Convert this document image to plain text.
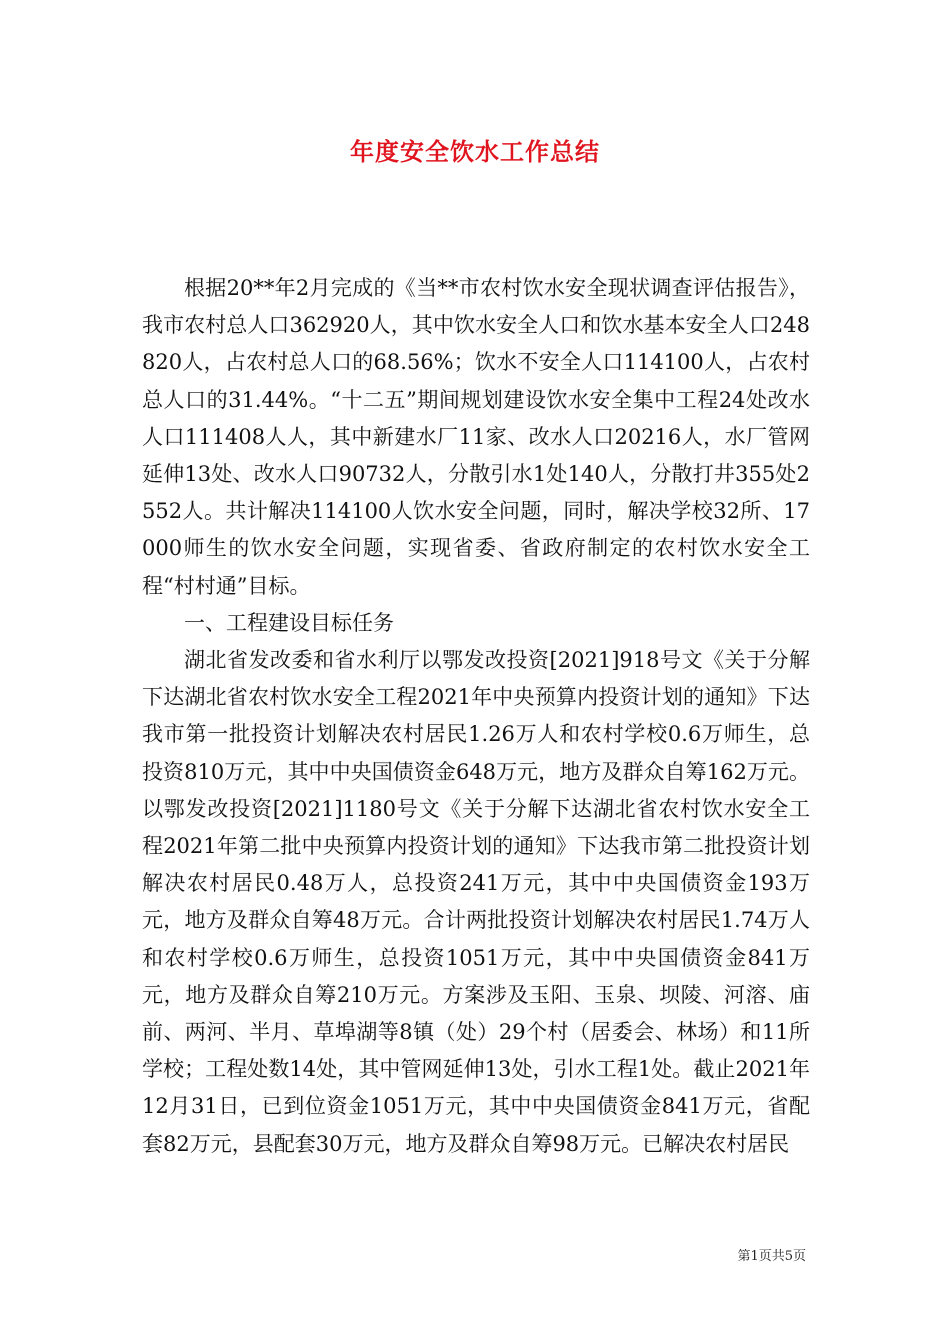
年度安全饮水工作总结

根据20**年2月完成的《当**市农村饮水安全现状调查评估报告》，我市农村总人口362920人，其中饮水安全人口和饮水基本安全人口248820人，占农村总人口的68.56%；饮水不安全人口114100人，占农村总人口的31.44%。“十二五”期间规划建设饮水安全集中工程24处改水人口111408人人，其中新建水厂11家、改水人口20216人，水厂管网延伸13处、改水人口90732人，分散引水1处140人，分散打井355处2552人。共计解决114100人饮水安全问题，同时，解决学校32所、17000师生的饮水安全问题，实现省委、省政府制定的农村饮水安全工程“村村通”目标。

一、工程建设目标任务

湖北省发改委和省水利厅以鄂发改投资[2021]918号文《关于分解下达湖北省农村饮水安全工程2021年中央预算内投资计划的通知》下达我市第一批投资计划解决农村居民1.26万人和农村学校0.6万师生，总投资810万元，其中中央国债资金648万元，地方及群众自筹162万元。以鄂发改投资[2021]1180号文《关于分解下达湖北省农村饮水安全工程2021年第二批中央预算内投资计划的通知》下达我市第二批投资计划解决农村居民0.48万人，总投资241万元，其中中央国债资金193万元，地方及群众自筹48万元。合计两批投资计划解决农村居民1.74万人和农村学校0.6万师生，总投资1051万元，其中中央国债资金841万元，地方及群众自筹210万元。方案涉及玉阳、玉泉、坝陵、河溶、庙前、两河、半月、草埠湖等8镇（处）29个村（居委会、林场）和11所学校；工程处数14处，其中管网延伸13处，引水工程1处。截止2021年12月31日，已到位资金1051万元，其中中央国债资金841万元，省配套82万元，县配套30万元，地方及群众自筹98万元。已解决农村居民

第1页共5页
